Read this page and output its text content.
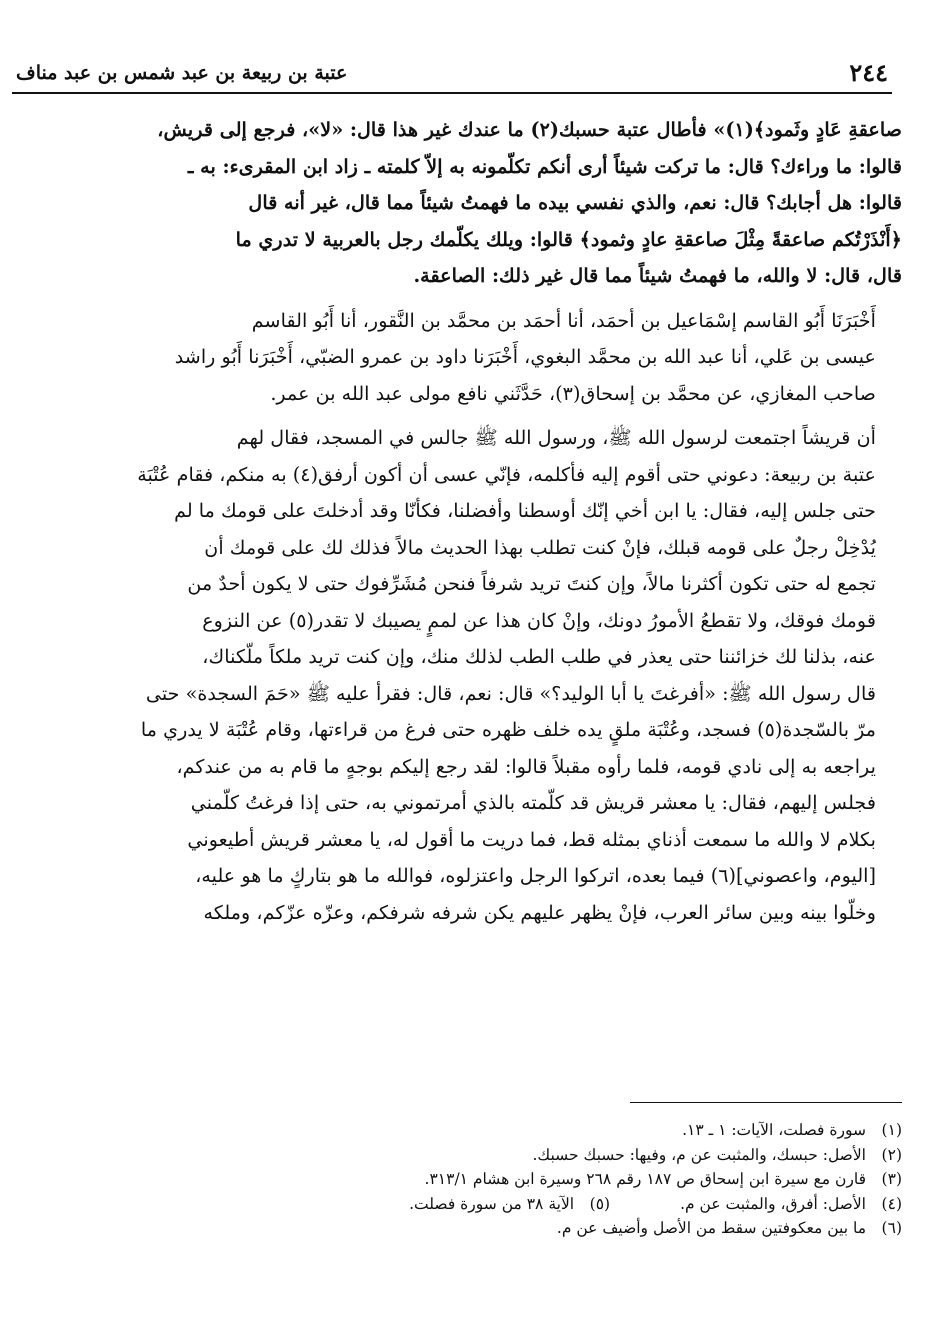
٢٤٤
عتبة بن ربيعة بن عبد شمس بن عبد مناف

صاعقةِ عَادٍ وثَمود﴾(١)» فأطال عتبة حسبك(٢) ما عندك غير هذا قال: «لا»، فرجع إلى قريش،
قالوا: ما وراءك؟ قال: ما تركت شيئاً أرى أنكم تكلّمونه به إلاّ كلمته ـ زاد ابن المقرىء: به ـ
قالوا: هل أجابك؟ قال: نعم، والذي نفسي بيده ما فهمتُ شيئاً مما قال، غير أنه قال
﴿أَنْذَرْتُكم صاعقةً مِثْلَ صاعقةِ عادٍ وثمود﴾ قالوا: ويلك يكلّمك رجل بالعربية لا تدري ما
قال، قال: لا والله، ما فهمتُ شيئاً مما قال غير ذلك: الصاعقة.

أَخْبَرَنَا أَبُو القاسم إسْمَاعيل بن أحمَد، أنا أحمَد بن محمَّد بن النَّقور، أنا أَبُو القاسم
عيسى بن عَلي، أنا عبد الله بن محمَّد البغوي، أَخْبَرَنا داود بن عمرو الضبّي، أَخْبَرَنا أَبُو راشد
صاحب المغازي، عن محمَّد بن إسحاق(٣)، حَدَّثَني نافع مولى عبد الله بن عمر.

أن قريشاً اجتمعت لرسول الله ﷺ، ورسول الله ﷺ جالس في المسجد، فقال لهم
عتبة بن ربيعة: دعوني حتى أقوم إليه فأكلمه، فإنّي عسى أن أكون أرفق(٤) به منكم، فقام عُتْبَة
حتى جلس إليه، فقال: يا ابن أخي إنّك أوسطنا وأفضلنا، فكأنّا وقد أدخلتَ على قومك ما لم
يُدْخِلْ رجلٌ على قومه قبلك، فإنْ كنت تطلب بهذا الحديث مالاً فذلك لك على قومك أن
تجمع له حتى تكون أكثرنا مالاً، وإن كنتَ تريد شرفاً فنحن مُشَرِّفوك حتى لا يكون أحدٌ من
قومك فوقك، ولا تقطعُ الأمورُ دونك، وإنْ كان هذا عن لممٍ يصيبك لا تقدر(٥) عن النزوع
عنه، بذلنا لك خزائننا حتى يعذر في طلب الطب لذلك منك، وإن كنت تريد ملكاً ملّكناك،
قال رسول الله ﷺ: «أفرغتَ يا أبا الوليد؟» قال: نعم، قال: فقرأ عليه ﷺ «حَمَ السجدة» حتى
مرّ بالسّجدة(٥) فسجد، وعُتْبَة ملقٍ يده خلف ظهره حتى فرغ من قراءتها، وقام عُتْبَة لا يدري ما
يراجعه به إلى نادي قومه، فلما رأوه مقبلاً قالوا: لقد رجع إليكم بوجهٍ ما قام به من عندكم،
فجلس إليهم، فقال: يا معشر قريش قد كلّمته بالذي أمرتموني به، حتى إذا فرغتُ كلّمني
بكلام لا والله ما سمعت أذناي بمثله قط، فما دريت ما أقول له، يا معشر قريش أطيعوني
[اليوم، واعصوني](٦) فيما بعده، اتركوا الرجل واعتزلوه، فوالله ما هو بتاركٍ ما هو عليه،
وخلّوا بينه وبين سائر العرب، فإنْ يظهر عليهم يكن شرفه شرفكم، وعزّه عزّكم، وملكه

(١)
سورة فصلت، الآيات: ١ ـ ١٣.
(٢)
الأصل: حبسك، والمثبت عن م، وفيها: حسبك حسبك.
(٣)
قارن مع سيرة ابن إسحاق ص ١٨٧ رقم ٢٦٨ وسيرة ابن هشام ٣١٣/١.
(٤)
الأصل: أفرق، والمثبت عن م.
(٥)
الآية ٣٨ من سورة فصلت.
(٦)
ما بين معكوفتين سقط من الأصل وأضيف عن م.
